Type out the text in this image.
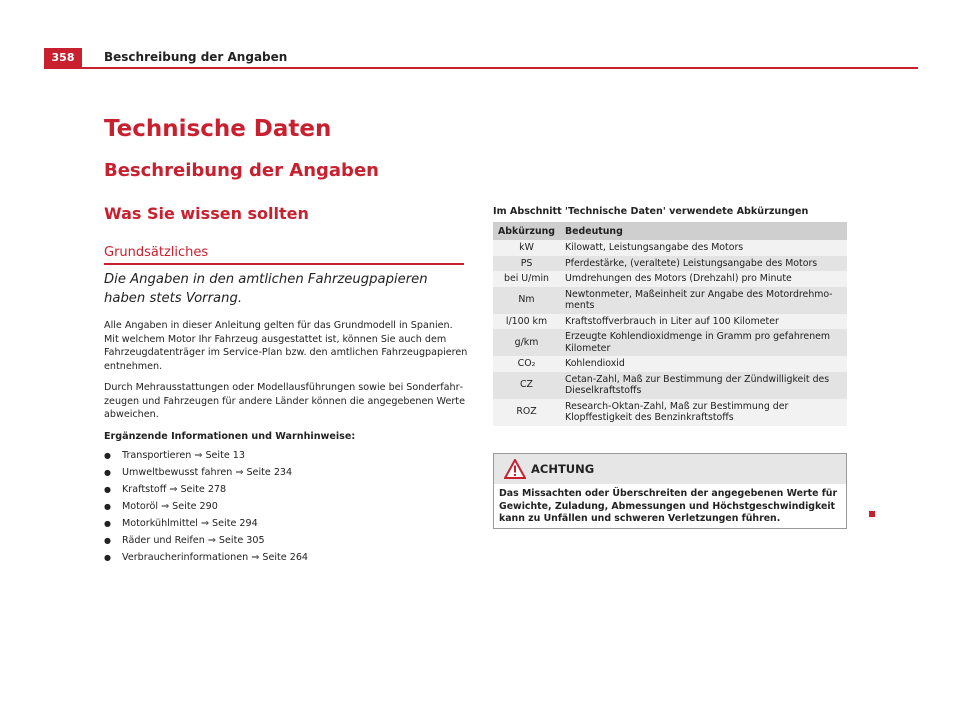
358	Beschreibung der Angaben
Technische Daten
Beschreibung der Angaben
Was Sie wissen sollten
Grundsätzliches
Die Angaben in den amtlichen Fahrzeugpapieren haben stets Vorrang.
Alle Angaben in dieser Anleitung gelten für das Grundmodell in Spanien. Mit welchem Motor Ihr Fahrzeug ausgestattet ist, können Sie auch dem Fahrzeugdatenträger im Service-Plan bzw. den amtlichen Fahrzeugpapieren entnehmen.
Durch Mehrausstattungen oder Modellausführungen sowie bei Sonderfahrzeugen und Fahrzeugen für andere Länder können die angegebenen Werte abweichen.
Ergänzende Informationen und Warnhinweise:
● Transportieren ⇒ Seite 13
● Umweltbewusst fahren ⇒ Seite 234
● Kraftstoff ⇒ Seite 278
● Motoröl ⇒ Seite 290
● Motorkühlmittel ⇒ Seite 294
● Räder und Reifen ⇒ Seite 305
● Verbraucherinformationen ⇒ Seite 264
Im Abschnitt 'Technische Daten' verwendete Abkürzungen
Abkürzung	Bedeutung
kW	Kilowatt, Leistungsangabe des Motors
PS	Pferdestärke, (veraltete) Leistungsangabe des Motors
bei U/min	Umdrehungen des Motors (Drehzahl) pro Minute
Nm	Newtonmeter, Maßeinheit zur Angabe des Motordrehmoments
l/100 km	Kraftstoffverbrauch in Liter auf 100 Kilometer
g/km	Erzeugte Kohlendioxidmenge in Gramm pro gefahrenem Kilometer
CO₂	Kohlendioxid
CZ	Cetan-Zahl, Maß zur Bestimmung der Zündwilligkeit des Dieselkraftstoffs
ROZ	Research-Oktan-Zahl, Maß zur Bestimmung der Klopffestigkeit des Benzinkraftstoffs
ACHTUNG
Das Missachten oder Überschreiten der angegebenen Werte für Gewichte, Zuladung, Abmessungen und Höchstgeschwindigkeit kann zu Unfällen und schweren Verletzungen führen.
